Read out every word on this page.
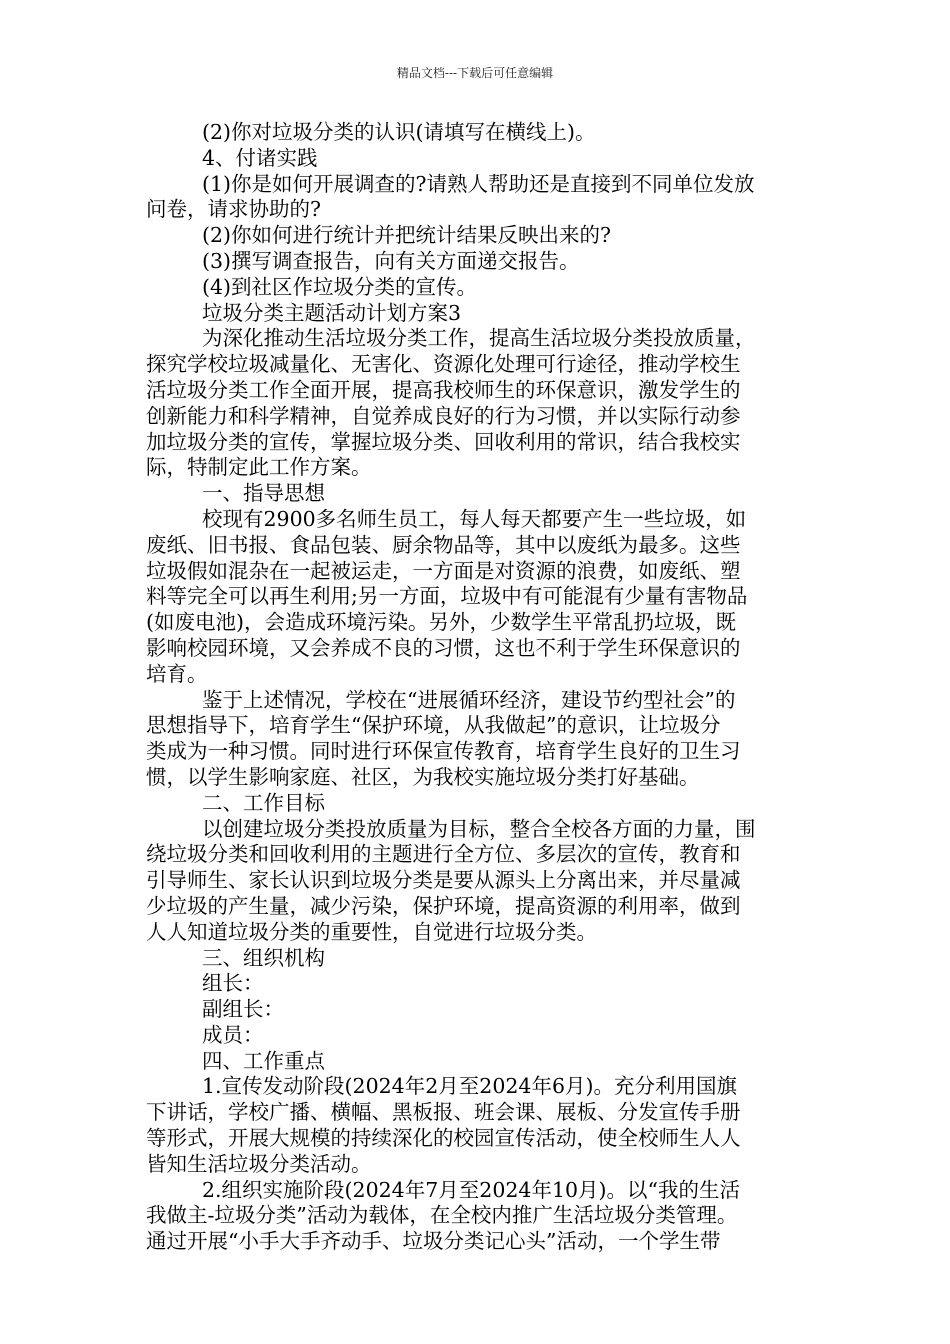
精品文档---下载后可任意编辑
(2)你对垃圾分类的认识(请填写在横线上)。
4、付诸实践
(1)你是如何开展调查的?请熟人帮助还是直接到不同单位发放
问卷，请求协助的?
(2)你如何进行统计并把统计结果反映出来的?
(3)撰写调查报告，向有关方面递交报告。
(4)到社区作垃圾分类的宣传。
垃圾分类主题活动计划方案3
为深化推动生活垃圾分类工作，提高生活垃圾分类投放质量，
探究学校垃圾减量化、无害化、资源化处理可行途径，推动学校生
活垃圾分类工作全面开展，提高我校师生的环保意识，激发学生的
创新能力和科学精神，自觉养成良好的行为习惯，并以实际行动参
加垃圾分类的宣传，掌握垃圾分类、回收利用的常识，结合我校实
际，特制定此工作方案。
一、指导思想
校现有2900多名师生员工，每人每天都要产生一些垃圾，如
废纸、旧书报、食品包装、厨余物品等，其中以废纸为最多。这些
垃圾假如混杂在一起被运走，一方面是对资源的浪费，如废纸、塑
料等完全可以再生利用;另一方面，垃圾中有可能混有少量有害物品
(如废电池)，会造成环境污染。另外，少数学生平常乱扔垃圾，既
影响校园环境，又会养成不良的习惯，这也不利于学生环保意识的
培育。
鉴于上述情况，学校在“进展循环经济，建设节约型社会”的
思想指导下，培育学生“保护环境，从我做起”的意识，让垃圾分
类成为一种习惯。同时进行环保宣传教育，培育学生良好的卫生习
惯，以学生影响家庭、社区，为我校实施垃圾分类打好基础。
二、工作目标
以创建垃圾分类投放质量为目标，整合全校各方面的力量，围
绕垃圾分类和回收利用的主题进行全方位、多层次的宣传，教育和
引导师生、家长认识到垃圾分类是要从源头上分离出来，并尽量减
少垃圾的产生量，减少污染，保护环境，提高资源的利用率，做到
人人知道垃圾分类的重要性，自觉进行垃圾分类。
三、组织机构
组长：
副组长：
成员：
四、工作重点
1.宣传发动阶段(2024年2月至2024年6月)。充分利用国旗
下讲话，学校广播、横幅、黑板报、班会课、展板、分发宣传手册
等形式，开展大规模的持续深化的校园宣传活动，使全校师生人人
皆知生活垃圾分类活动。
2.组织实施阶段(2024年7月至2024年10月)。以“我的生活
我做主-垃圾分类”活动为载体，在全校内推广生活垃圾分类管理。
通过开展“小手大手齐动手、垃圾分类记心头”活动，一个学生带
